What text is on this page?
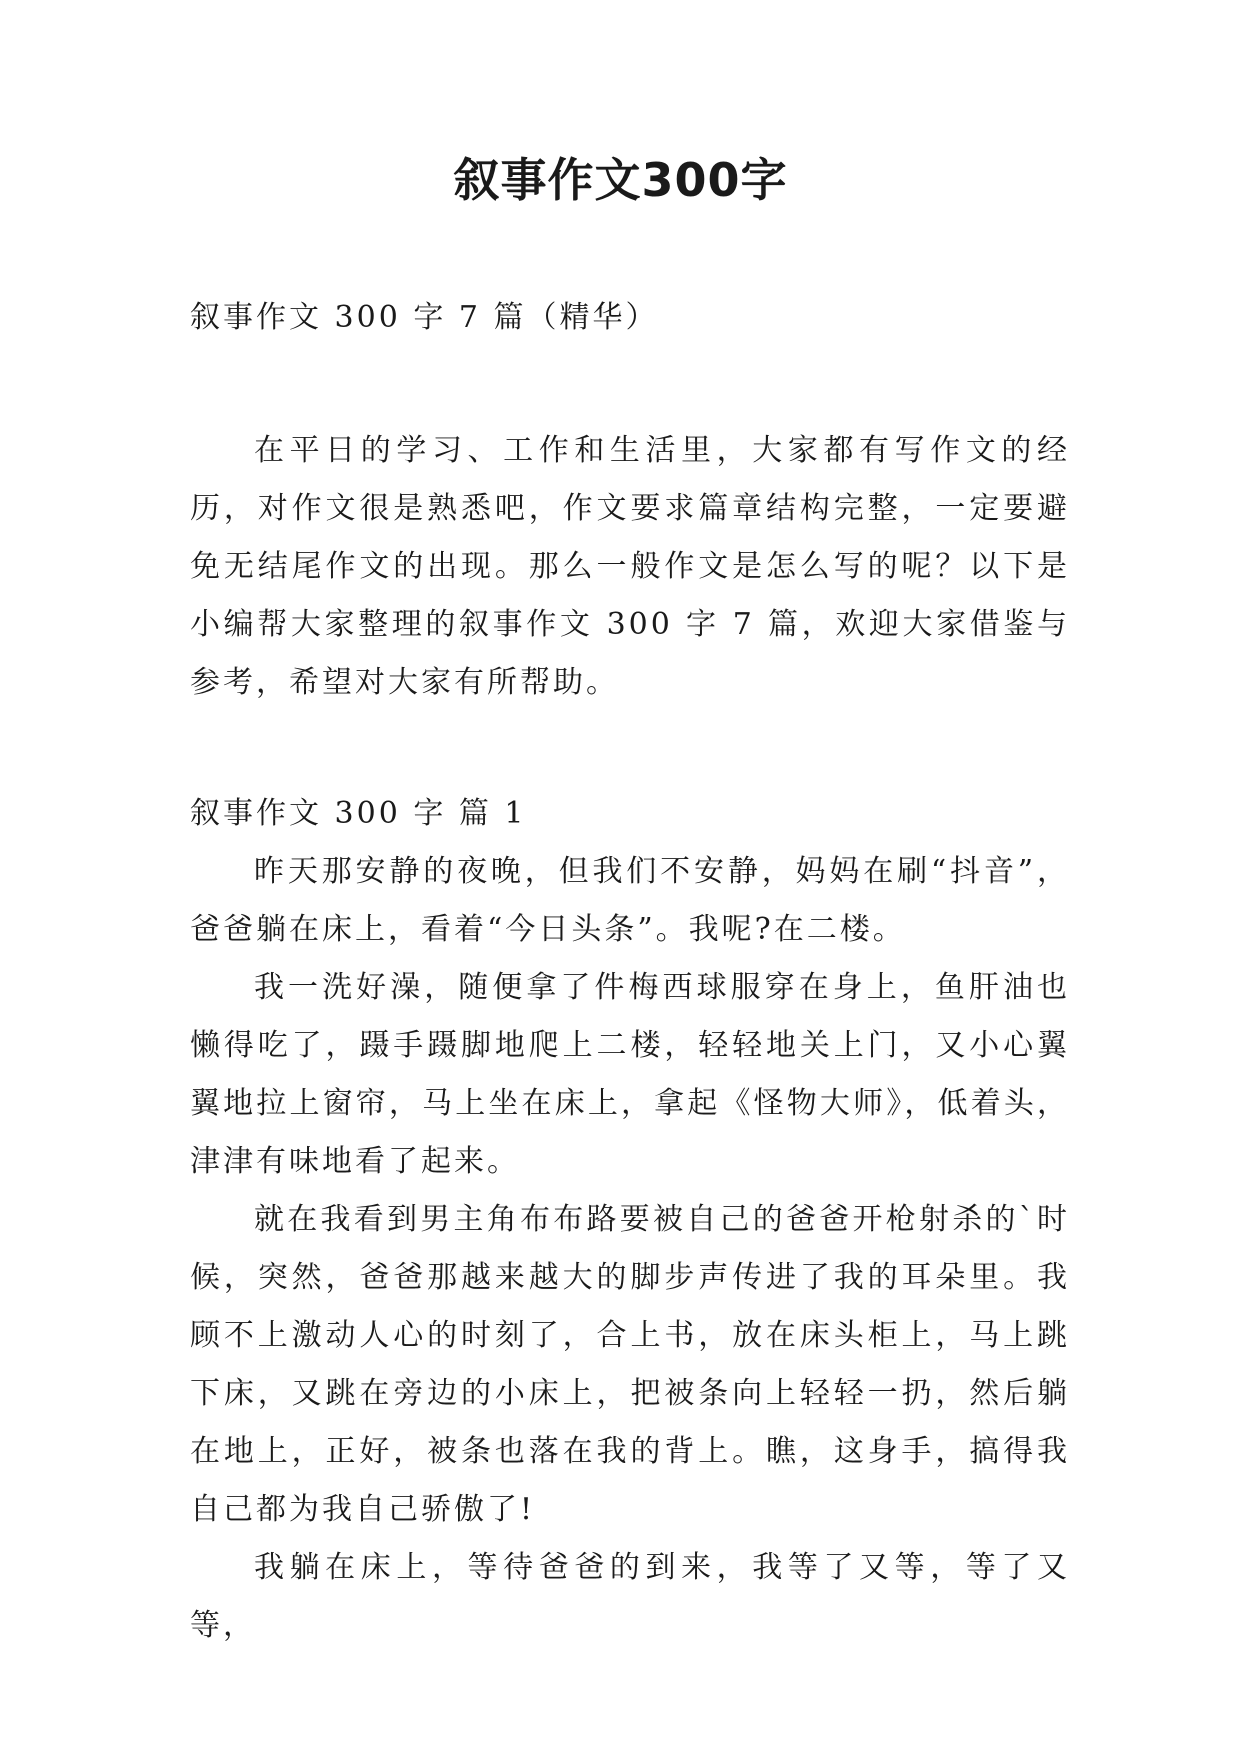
叙事作文300字

叙事作文 300 字 7 篇（精华）

在平日的学习、工作和生活里，大家都有写作文的经历，对作文很是熟悉吧，作文要求篇章结构完整，一定要避免无结尾作文的出现。那么一般作文是怎么写的呢？以下是小编帮大家整理的叙事作文 300 字 7 篇，欢迎大家借鉴与参考，希望对大家有所帮助。

叙事作文 300 字 篇 1

昨天那安静的夜晚，但我们不安静，妈妈在刷“抖音”，爸爸躺在床上，看着“今日头条”。我呢?在二楼。

我一洗好澡，随便拿了件梅西球服穿在身上，鱼肝油也懒得吃了，蹑手蹑脚地爬上二楼，轻轻地关上门，又小心翼翼地拉上窗帘，马上坐在床上，拿起《怪物大师》，低着头，津津有味地看了起来。

就在我看到男主角布布路要被自己的爸爸开枪射杀的`时候，突然，爸爸那越来越大的脚步声传进了我的耳朵里。我顾不上激动人心的时刻了，合上书，放在床头柜上，马上跳下床，又跳在旁边的小床上，把被条向上轻轻一扔，然后躺在地上，正好，被条也落在我的背上。瞧，这身手，搞得我自己都为我自己骄傲了!

我躺在床上，等待爸爸的到来，我等了又等，等了又等，
